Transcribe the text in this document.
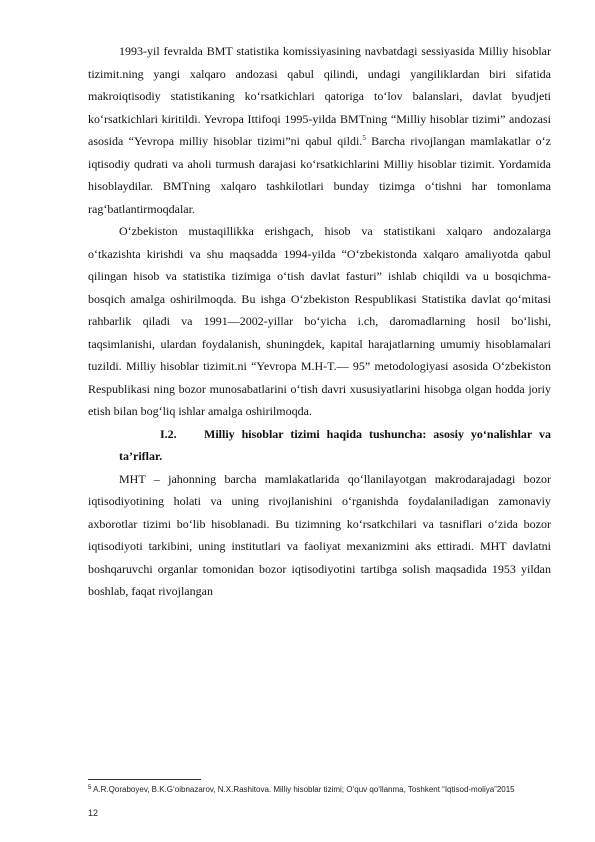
1993-yil fevralda BMT statistika komissiyasining navbatdagi sessiyasida Milliy hisoblar tizimit.ning yangi xalqaro andozasi qabul qilindi, undagi yangiliklardan biri sifatida makroiqtisodiy statistikaning ko‘rsatkichlari qatoriga to‘lov balanslari, davlat byudjeti ko‘rsatkichlari kiritildi. Yevropa Ittifoqi 1995-yilda BMTning “Milliy hisoblar tizimi” andozasi asosida “Yevropa milliy hisoblar tizimi”ni qabul qildi.$^5$ Barcha rivojlangan mamlakatlar o‘z iqtisodiy qudrati va aholi turmush darajasi ko‘rsatkichlarini Milliy hisoblar tizimit. Yordamida hisoblaydilar. BMTning xalqaro tashkilotlari bunday tizimga o‘tishni har tomonlama rag‘batlantirmoqdalar.

O‘zbekiston mustaqillikka erishgach, hisob va statistikani xalqaro andozalarga o‘tkazishta kirishdi va shu maqsadda 1994-yilda “O‘zbekistonda xalqaro amaliyotda qabul qilingan hisob va statistika tizimiga o‘tish davlat fasturi” ishlab chiqildi va u bosqichma-bosqich amalga oshirilmoqda. Bu ishga O‘zbekiston Respublikasi Statistika davlat qo‘mitasi rahbarlik qiladi va 1991—2002-yillar bo‘yicha i.ch, daromadlarning hosil bo‘lishi, taqsimlanishi, ulardan foydalanish, shuningdek, kapital harajatlarning umumiy hisoblamalari tuzildi. Milliy hisoblar tizimit.ni “Yevropa M.H-T.— 95” metodologiyasi asosida O‘zbekiston Respublikasi ning bozor munosabatlarini o‘tish davri xususiyatlarini hisobga olgan hodda joriy etish bilan bog‘liq ishlar amalga oshirilmoqda.

I.2. Milliy hisoblar tizimi haqida tushuncha: asosiy yo‘nalishlar va ta’riflar.

MHT – jahonning barcha mamlakatlarida qo‘llanilayotgan makrodarajadagi bozor iqtisodiyotining holati va uning rivojlanishini o‘rganishda foydalaniladigan zamonaviy axborotlar tizimi bo‘lib hisoblanadi. Bu tizimning ko‘rsatkchilari va tasniflari o‘zida bozor iqtisodiyoti tarkibini, uning institutlari va faoliyat mexanizmini aks ettiradi. MHT davlatni boshqaruvchi organlar tomonidan bozor iqtisodiyotini tartibga solish maqsadida 1953 yildan boshlab, faqat rivojlangan

$^5$ A.R.Qoraboyev, B.K.G‘oibnazarov, N.X.Rashitova. Milliy hisoblar tizimi; O‘quv qo‘llanma, Toshkent “Iqtisod-moliya”2015
12
